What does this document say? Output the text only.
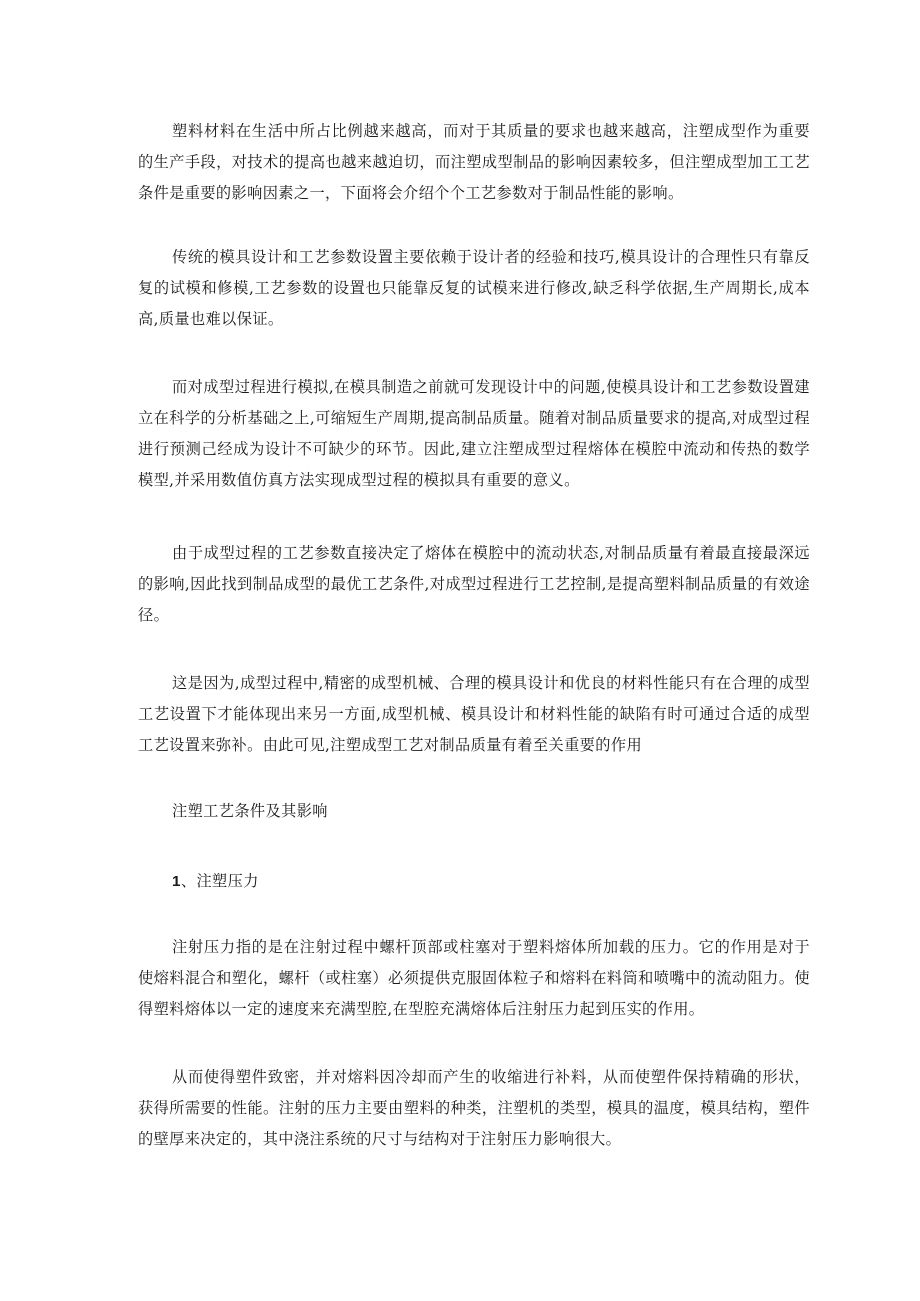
塑料材料在生活中所占比例越来越高，而对于其质量的要求也越来越高，注塑成型作为重要的生产手段，对技术的提高也越来越迫切，而注塑成型制品的影响因素较多，但注塑成型加工工艺条件是重要的影响因素之一，下面将会介绍个个工艺参数对于制品性能的影响。

传统的模具设计和工艺参数设置主要依赖于设计者的经验和技巧,模具设计的合理性只有靠反复的试模和修模,工艺参数的设置也只能靠反复的试模来进行修改,缺乏科学依据,生产周期长,成本高,质量也难以保证。

而对成型过程进行模拟,在模具制造之前就可发现设计中的问题,使模具设计和工艺参数设置建立在科学的分析基础之上,可缩短生产周期,提高制品质量。随着对制品质量要求的提高,对成型过程进行预测己经成为设计不可缺少的环节。因此,建立注塑成型过程熔体在模腔中流动和传热的数学模型,并采用数值仿真方法实现成型过程的模拟具有重要的意义。

由于成型过程的工艺参数直接决定了熔体在模腔中的流动状态,对制品质量有着最直接最深远的影响,因此找到制品成型的最优工艺条件,对成型过程进行工艺控制,是提高塑料制品质量的有效途径。

这是因为,成型过程中,精密的成型机械、合理的模具设计和优良的材料性能只有在合理的成型工艺设置下才能体现出来另一方面,成型机械、模具设计和材料性能的缺陷有时可通过合适的成型工艺设置来弥补。由此可见,注塑成型工艺对制品质量有着至关重要的作用

注塑工艺条件及其影响

1、注塑压力

注射压力指的是在注射过程中螺杆顶部或柱塞对于塑料熔体所加载的压力。它的作用是对于使熔料混合和塑化，螺杆（或柱塞）必须提供克服固体粒子和熔料在料筒和喷嘴中的流动阻力。使得塑料熔体以一定的速度来充满型腔,在型腔充满熔体后注射压力起到压实的作用。

从而使得塑件致密，并对熔料因冷却而产生的收缩进行补料，从而使塑件保持精确的形状，获得所需要的性能。注射的压力主要由塑料的种类，注塑机的类型，模具的温度，模具结构，塑件的壁厚来决定的，其中浇注系统的尺寸与结构对于注射压力影响很大。
